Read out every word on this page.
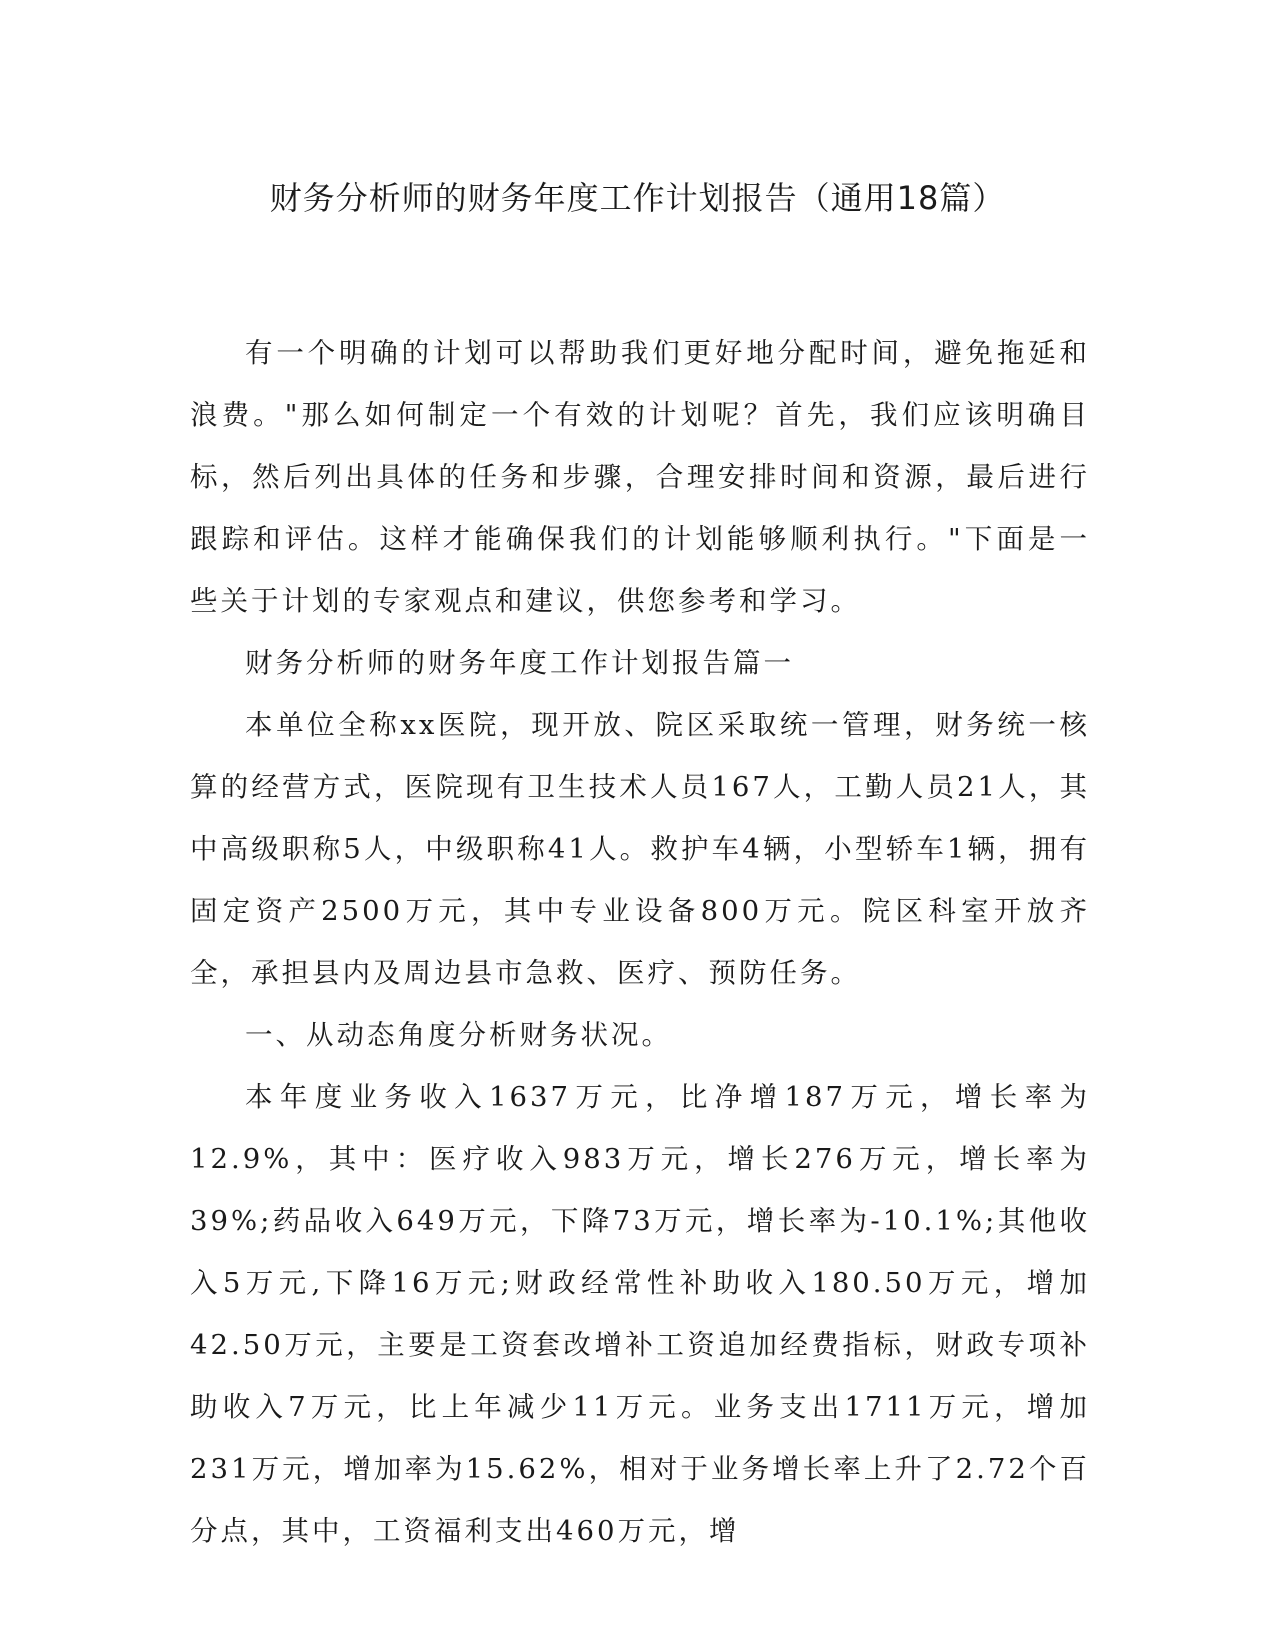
财务分析师的财务年度工作计划报告（通用18篇）

有一个明确的计划可以帮助我们更好地分配时间，避免拖延和浪费。"那么如何制定一个有效的计划呢？首先，我们应该明确目标，然后列出具体的任务和步骤，合理安排时间和资源，最后进行跟踪和评估。这样才能确保我们的计划能够顺利执行。"下面是一些关于计划的专家观点和建议，供您参考和学习。

财务分析师的财务年度工作计划报告篇一

本单位全称xx医院，现开放、院区采取统一管理，财务统一核算的经营方式，医院现有卫生技术人员167人，工勤人员21人，其中高级职称5人，中级职称41人。救护车4辆，小型轿车1辆，拥有固定资产2500万元，其中专业设备800万元。院区科室开放齐全，承担县内及周边县市急救、医疗、预防任务。

一、从动态角度分析财务状况。

本年度业务收入1637万元，比净增187万元，增长率为12.9%，其中：医疗收入983万元，增长276万元，增长率为39%;药品收入649万元，下降73万元，增长率为-10.1%;其他收入5万元,下降16万元;财政经常性补助收入180.50万元，增加42.50万元，主要是工资套改增补工资追加经费指标，财政专项补助收入7万元，比上年减少11万元。业务支出1711万元，增加231万元，增加率为15.62%，相对于业务增长率上升了2.72个百分点，其中，工资福利支出460万元，增
